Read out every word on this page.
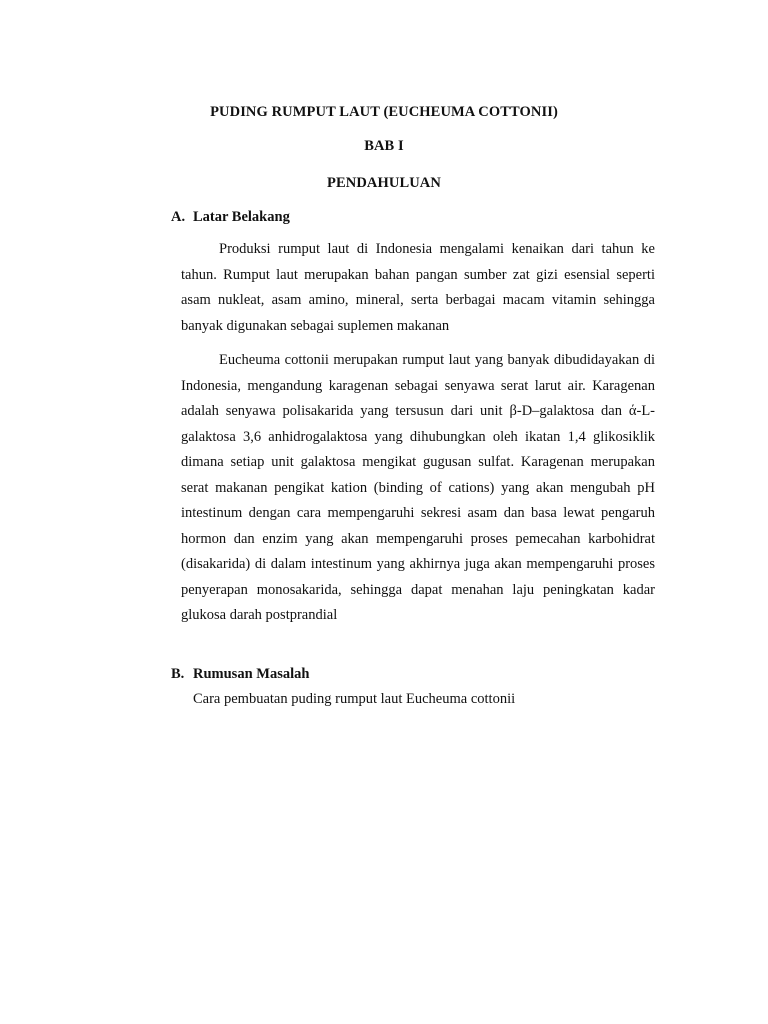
PUDING RUMPUT LAUT (EUCHEUMA COTTONII)
BAB I
PENDAHULUAN
A. Latar Belakang

Produksi rumput laut di Indonesia mengalami kenaikan dari tahun ke tahun. Rumput laut merupakan bahan pangan sumber zat gizi esensial seperti asam nukleat, asam amino, mineral, serta berbagai macam vitamin sehingga banyak digunakan sebagai suplemen makanan

Eucheuma cottonii merupakan rumput laut yang banyak dibudidayakan di Indonesia, mengandung karagenan sebagai senyawa serat larut air. Karagenan adalah senyawa polisakarida yang tersusun dari unit β-D–galaktosa dan ά-L-galaktosa 3,6 anhidrogalaktosa yang dihubungkan oleh ikatan 1,4 glikosiklik dimana setiap unit galaktosa mengikat gugusan sulfat. Karagenan merupakan serat makanan pengikat kation (binding of cations) yang akan mengubah pH intestinum dengan cara mempengaruhi sekresi asam dan basa lewat pengaruh hormon dan enzim yang akan mempengaruhi proses pemecahan karbohidrat (disakarida) di dalam intestinum yang akhirnya juga akan mempengaruhi proses penyerapan monosakarida, sehingga dapat menahan laju peningkatan kadar glukosa darah postprandial

B. Rumusan Masalah
Cara pembuatan puding rumput laut Eucheuma cottonii
